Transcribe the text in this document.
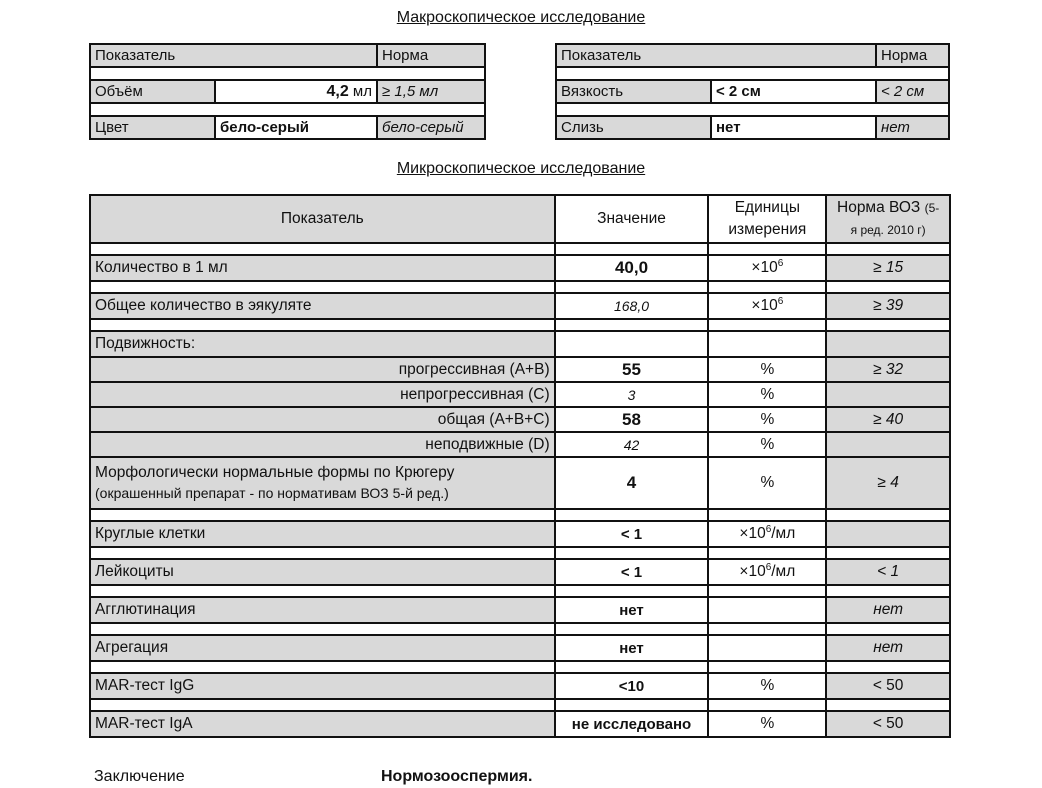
Макроскопическое исследование
Показатель		Норма

Объём	4,2 мл	≥ 1,5 мл

Цвет	бело-серый	бело-серый
Показатель		Норма

Вязкость	< 2 см	< 2 см

Слизь	нет	нет
Микроскопическое исследование
Показатель	Значение	Единицы измерения	Норма ВОЗ (5-
я ред. 2010 г)

Количество в 1 мл	40,0	$\times 10^6$	≥ 15

Общее количество в эякуляте	168,0	$\times 10^6$	≥ 39

Подвижность:			
прогрессивная (A+B)	55	%	≥ 32
непрогрессивная (C)	3	%	
общая (A+B+C)	58	%	≥ 40
неподвижные (D)	42	%	
Морфологически нормальные формы по Крюгеру
(окрашенный препарат - по нормативам ВОЗ 5-й ред.)	4	%	≥ 4

Круглые клетки	< 1	$\times 10^6/мл$	

Лейкоциты	< 1	$\times 10^6/мл$	< 1

Агглютинация	нет		нет

Агрегация	нет		нет

MAR-тест IgG	<10	%	< 50

MAR-тест IgA	не исследовано	%	< 50
Заключение	Нормозооспермия.
